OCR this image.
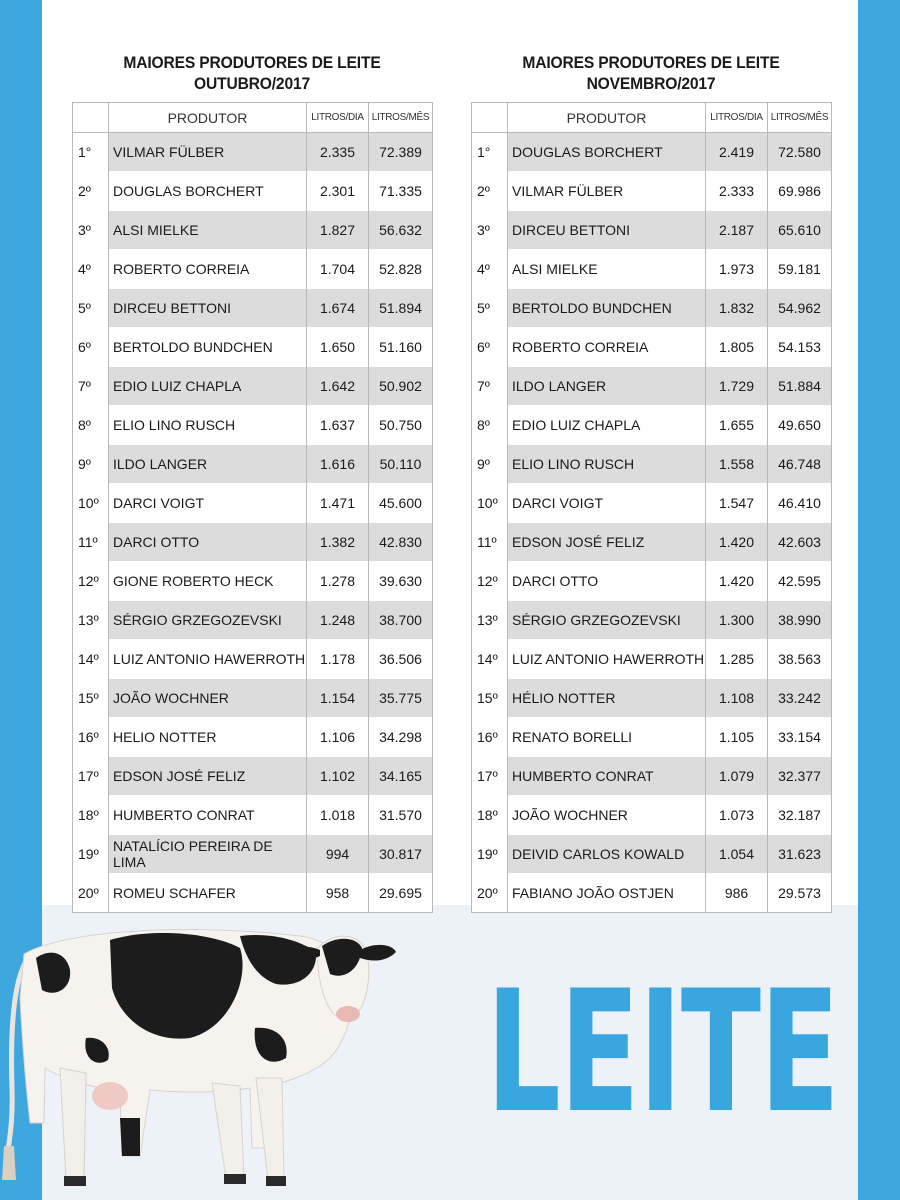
MAIORES PRODUTORES DE LEITE
OUTUBRO/2017
	PRODUTOR	LITROS/DIA	LITROS/MÊS
1°	VILMAR FÜLBER	2.335	72.389
2º	DOUGLAS BORCHERT	2.301	71.335
3º	ALSI MIELKE	1.827	56.632
4º	ROBERTO CORREIA	1.704	52.828
5º	DIRCEU BETTONI	1.674	51.894
6º	BERTOLDO BUNDCHEN	1.650	51.160
7º	EDIO LUIZ CHAPLA	1.642	50.902
8º	ELIO LINO RUSCH	1.637	50.750
9º	ILDO LANGER	1.616	50.110
10º	DARCI VOIGT	1.471	45.600
11º	DARCI OTTO	1.382	42.830
12º	GIONE ROBERTO HECK	1.278	39.630
13º	SÉRGIO GRZEGOZEVSKI	1.248	38.700
14º	LUIZ ANTONIO HAWERROTH	1.178	36.506
15º	JOÃO WOCHNER	1.154	35.775
16º	HELIO NOTTER	1.106	34.298
17º	EDSON JOSÉ FELIZ	1.102	34.165
18º	HUMBERTO CONRAT	1.018	31.570
19º	NATALÍCIO PEREIRA DE LIMA	994	30.817
20º	ROMEU SCHAFER	958	29.695
MAIORES PRODUTORES DE LEITE
NOVEMBRO/2017
	PRODUTOR	LITROS/DIA	LITROS/MÊS
1°	DOUGLAS BORCHERT	2.419	72.580
2º	VILMAR FÜLBER	2.333	69.986
3º	DIRCEU BETTONI	2.187	65.610
4º	ALSI MIELKE	1.973	59.181
5º	BERTOLDO BUNDCHEN	1.832	54.962
6º	ROBERTO CORREIA	1.805	54.153
7º	ILDO LANGER	1.729	51.884
8º	EDIO LUIZ CHAPLA	1.655	49.650
9º	ELIO LINO RUSCH	1.558	46.748
10º	DARCI VOIGT	1.547	46.410
11º	EDSON JOSÉ FELIZ	1.420	42.603
12º	DARCI OTTO	1.420	42.595
13º	SÉRGIO GRZEGOZEVSKI	1.300	38.990
14º	LUIZ ANTONIO HAWERROTH	1.285	38.563
15º	HÉLIO NOTTER	1.108	33.242
16º	RENATO BORELLI	1.105	33.154
17º	HUMBERTO CONRAT	1.079	32.377
18º	JOÃO WOCHNER	1.073	32.187
19º	DEIVID CARLOS KOWALD	1.054	31.623
20º	FABIANO JOÃO OSTJEN	986	29.573
LEITE
